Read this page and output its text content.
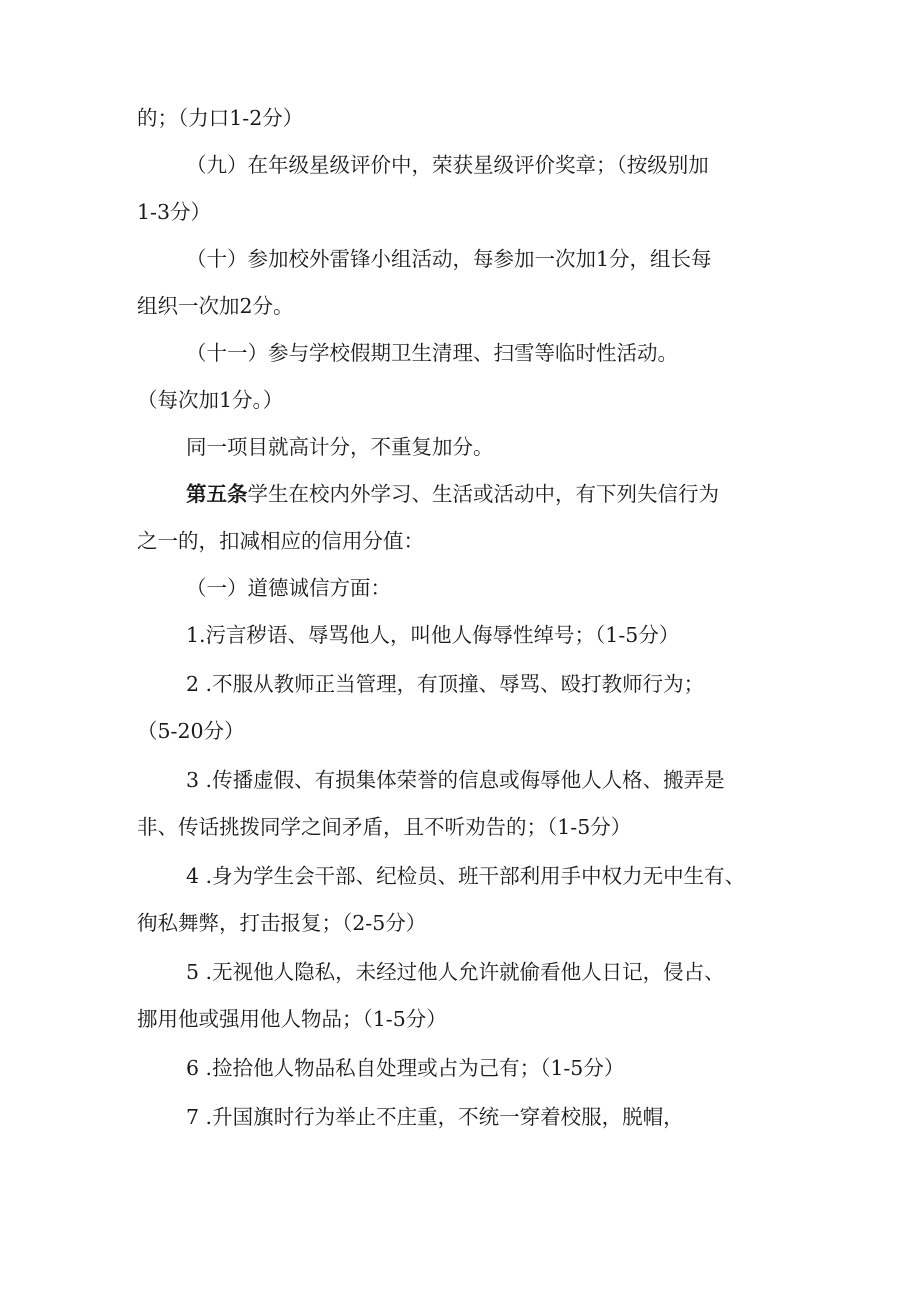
的；（力口1-2分）
（九）在年级星级评价中，荣获星级评价奖章；（按级别加
1-3分）
（十）参加校外雷锋小组活动，每参加一次加1分，组长每
组织一次加2分。
（十一）参与学校假期卫生清理、扫雪等临时性活动。
（每次加1分。）
同一项目就高计分，不重复加分。
第五条学生在校内外学习、生活或活动中，有下列失信行为
之一的，扣减相应的信用分值：
（一）道德诚信方面：
1.污言秽语、辱骂他人，叫他人侮辱性绰号；（1-5分）
2 .不服从教师正当管理，有顶撞、辱骂、殴打教师行为；
（5-20分）
3 .传播虚假、有损集体荣誉的信息或侮辱他人人格、搬弄是
非、传话挑拨同学之间矛盾，且不听劝告的；（1-5分）
4 .身为学生会干部、纪检员、班干部利用手中权力无中生有、
徇私舞弊，打击报复；（2-5分）
5 .无视他人隐私，未经过他人允许就偷看他人日记，侵占、
挪用他或强用他人物品；（1-5分）
6 .捡拾他人物品私自处理或占为己有；（1-5分）
7 .升国旗时行为举止不庄重，不统一穿着校服，脱帽，
